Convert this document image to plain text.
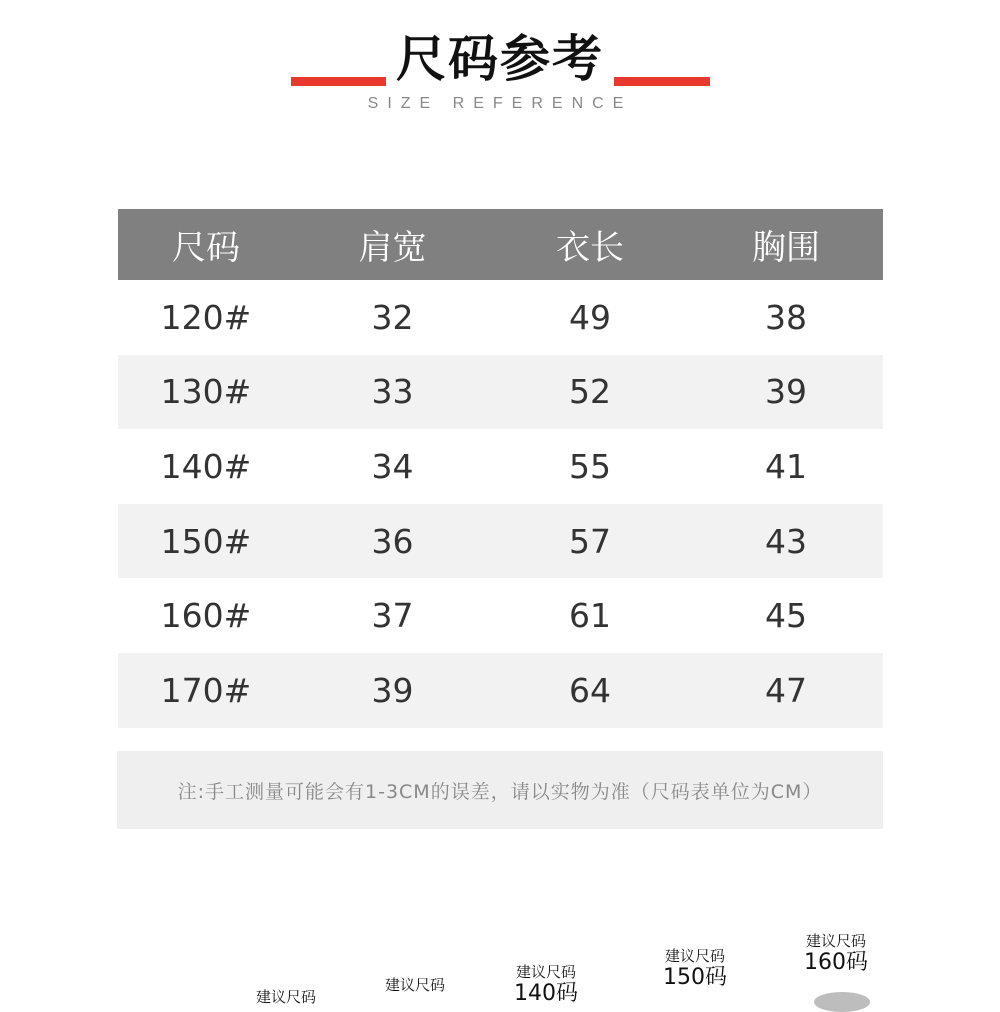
尺码参考
SIZE REFERENCE
尺码	肩宽	衣长	胸围
120#	32	49	38
130#	33	52	39
140#	34	55	41
150#	36	57	43
160#	37	61	45
170#	39	64	47
注:手工测量可能会有1-3CM的误差，请以实物为准（尺码表单位为CM）
建议尺码
建议尺码
建议尺码
140码
建议尺码
150码
建议尺码
160码
